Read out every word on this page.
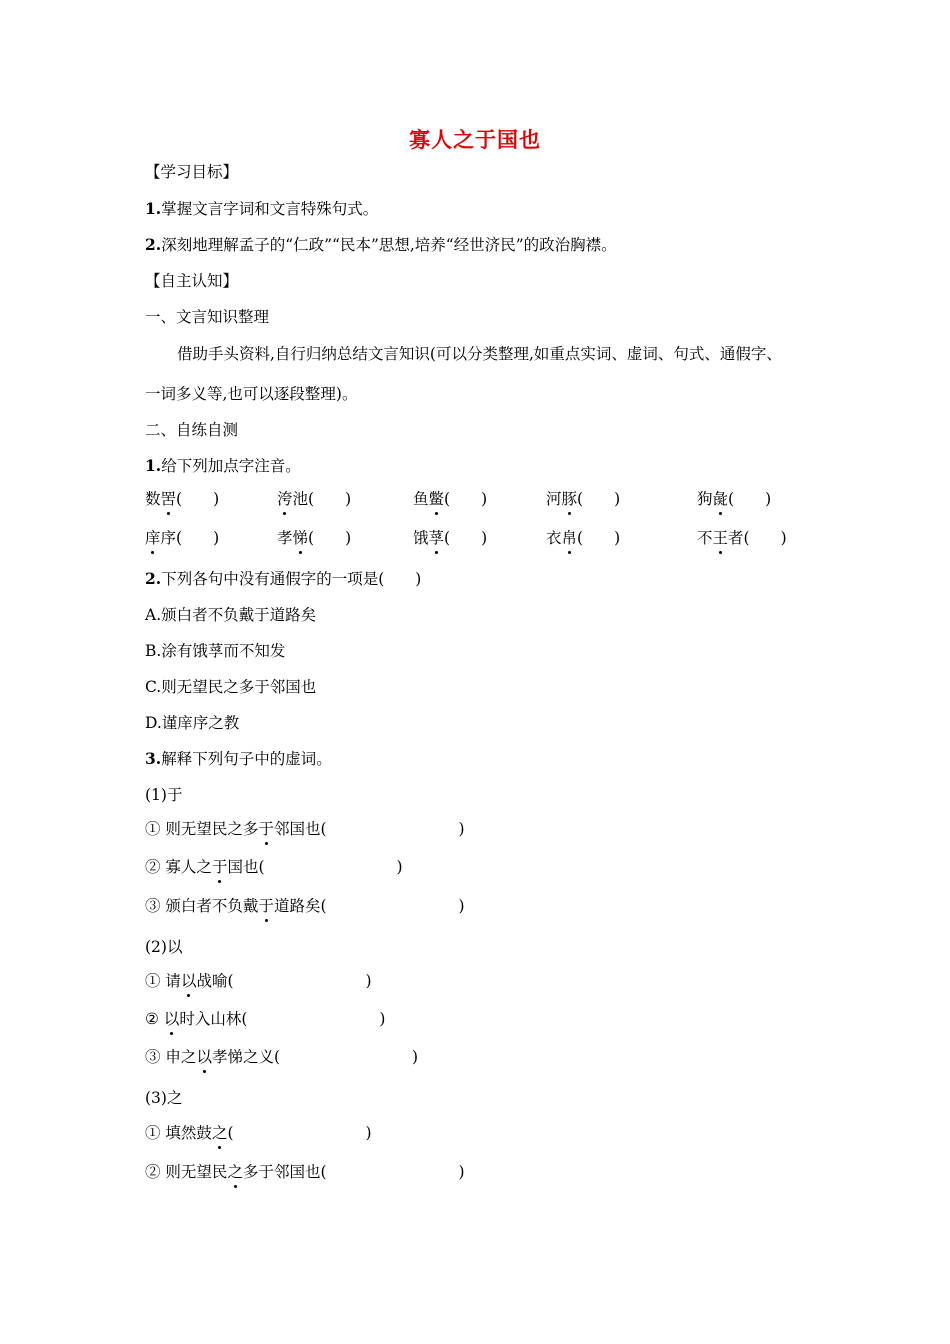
寡人之于国也
【学习目标】
1.掌握文言字词和文言特殊句式。
2.深刻地理解孟子的“仁政”“民本”思想,培养“经世济民”的政治胸襟。
【自主认知】
一、文言知识整理
借助手头资料,自行归纳总结文言知识(可以分类整理,如重点实词、虚词、句式、通假字、
一词多义等,也可以逐段整理)。
二、自练自测
1.给下列加点字注音。
数罟(　　)	洿池(　　)	鱼鳖(　　)	河豚(　　)	狗彘(　　)
庠序(　　)	孝悌(　　)	饿莩(　　)	衣帛(　　)	不王者(　　)
2.下列各句中没有通假字的一项是(　　)
A.颁白者不负戴于道路矣
B.涂有饿莩而不知发
C.则无望民之多于邻国也
D.谨庠序之教
3.解释下列句子中的虚词。
(1)于
① 则无望民之多于邻国也(	)
② 寡人之于国也(	)
③ 颁白者不负戴于道路矣(	)
(2)以
① 请以战喻(	)
② 以时入山林(	)
③ 申之以孝悌之义(	)
(3)之
① 填然鼓之(	)
② 则无望民之多于邻国也(	)
